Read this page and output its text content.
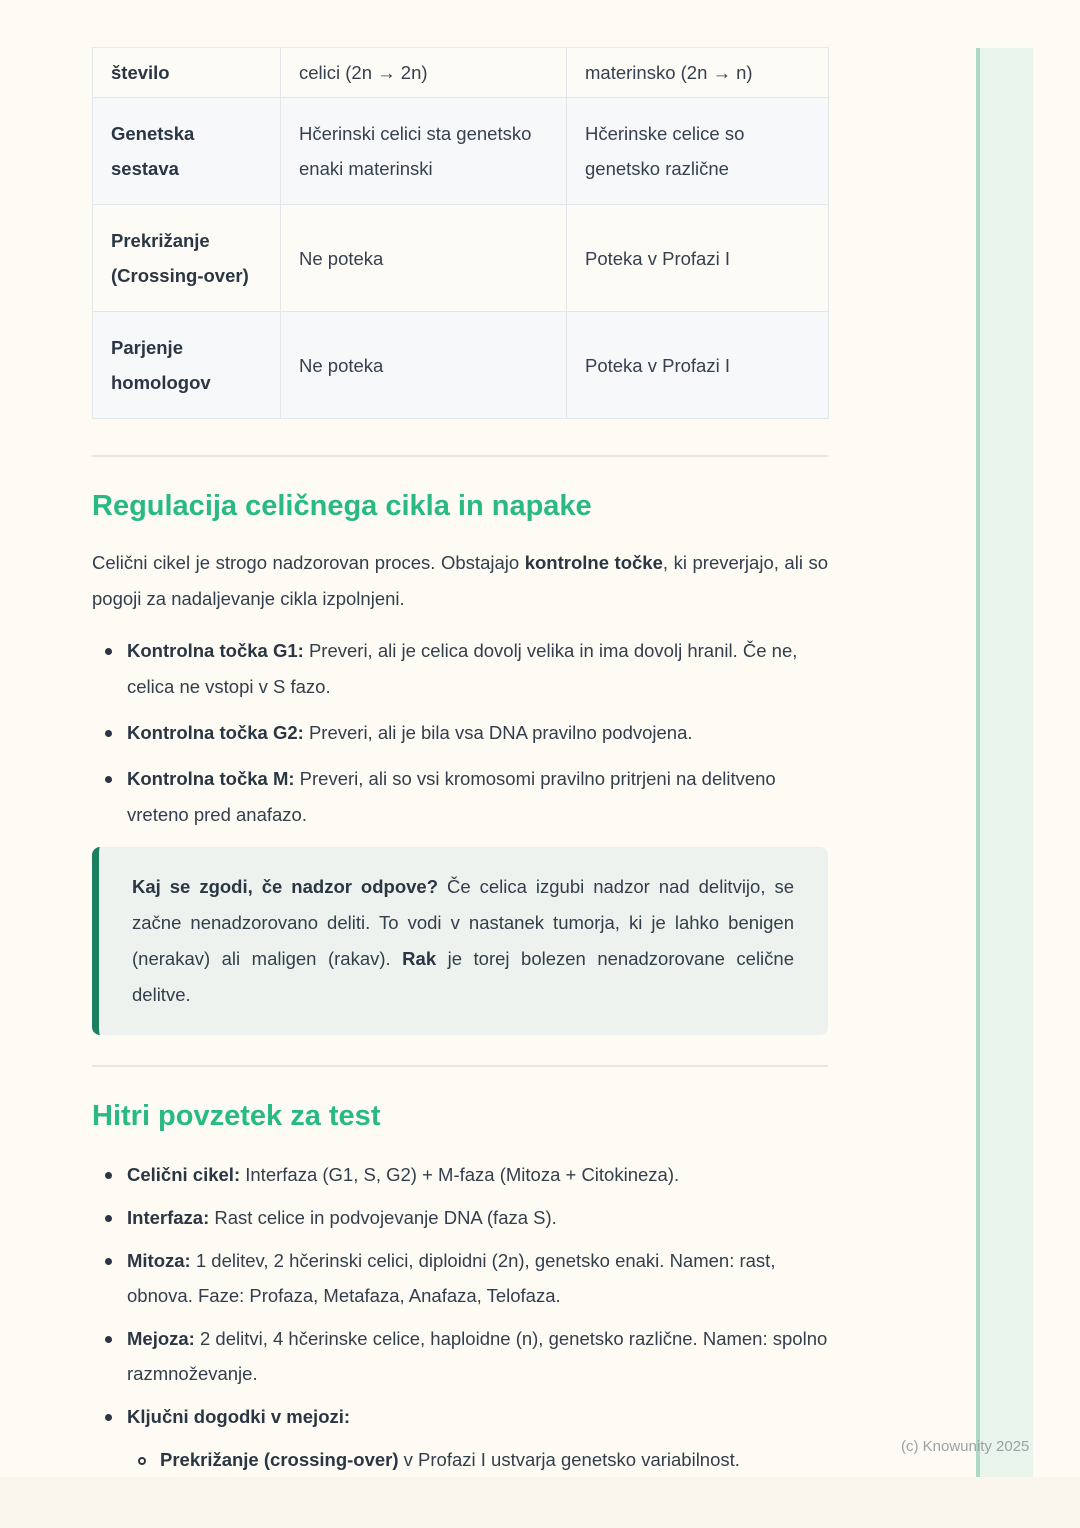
število	celici (2n → 2n)	materinsko (2n → n)
Genetska sestava	Hčerinski celici sta genetsko enaki materinski	Hčerinske celice so genetsko različne
Prekrižanje (Crossing-over)	Ne poteka	Poteka v Profazi I
Parjenje homologov	Ne poteka	Poteka v Profazi I
Regulacija celičnega cikla in napake

Celični cikel je strogo nadzorovan proces. Obstajajo kontrolne točke, ki preverjajo, ali so pogoji za nadaljevanje cikla izpolnjeni.

Kontrolna točka G1: Preveri, ali je celica dovolj velika in ima dovolj hranil. Če ne, celica ne vstopi v S fazo.
Kontrolna točka G2: Preveri, ali je bila vsa DNA pravilno podvojena.
Kontrolna točka M: Preveri, ali so vsi kromosomi pravilno pritrjeni na delitveno vreteno pred anafazo.

Kaj se zgodi, če nadzor odpove? Če celica izgubi nadzor nad delitvijo, se začne nenadzorovano deliti. To vodi v nastanek tumorja, ki je lahko benigen (nerakav) ali maligen (rakav). Rak je torej bolezen nenadzorovane celične delitve.

Hitri povzetek za test
Celični cikel: Interfaza (G1, S, G2) + M-faza (Mitoza + Citokineza).
Interfaza: Rast celice in podvojevanje DNA (faza S).
Mitoza: 1 delitev, 2 hčerinski celici, diploidni (2n), genetsko enaki. Namen: rast, obnova. Faze: Profaza, Metafaza, Anafaza, Telofaza.
Mejoza: 2 delitvi, 4 hčerinske celice, haploidne (n), genetsko različne. Namen: spolno razmnoževanje.
Ključni dogodki v mejozi:
Prekrižanje (crossing-over) v Profazi I ustvarja genetsko variabilnost.
(c) Knowunity 2025
